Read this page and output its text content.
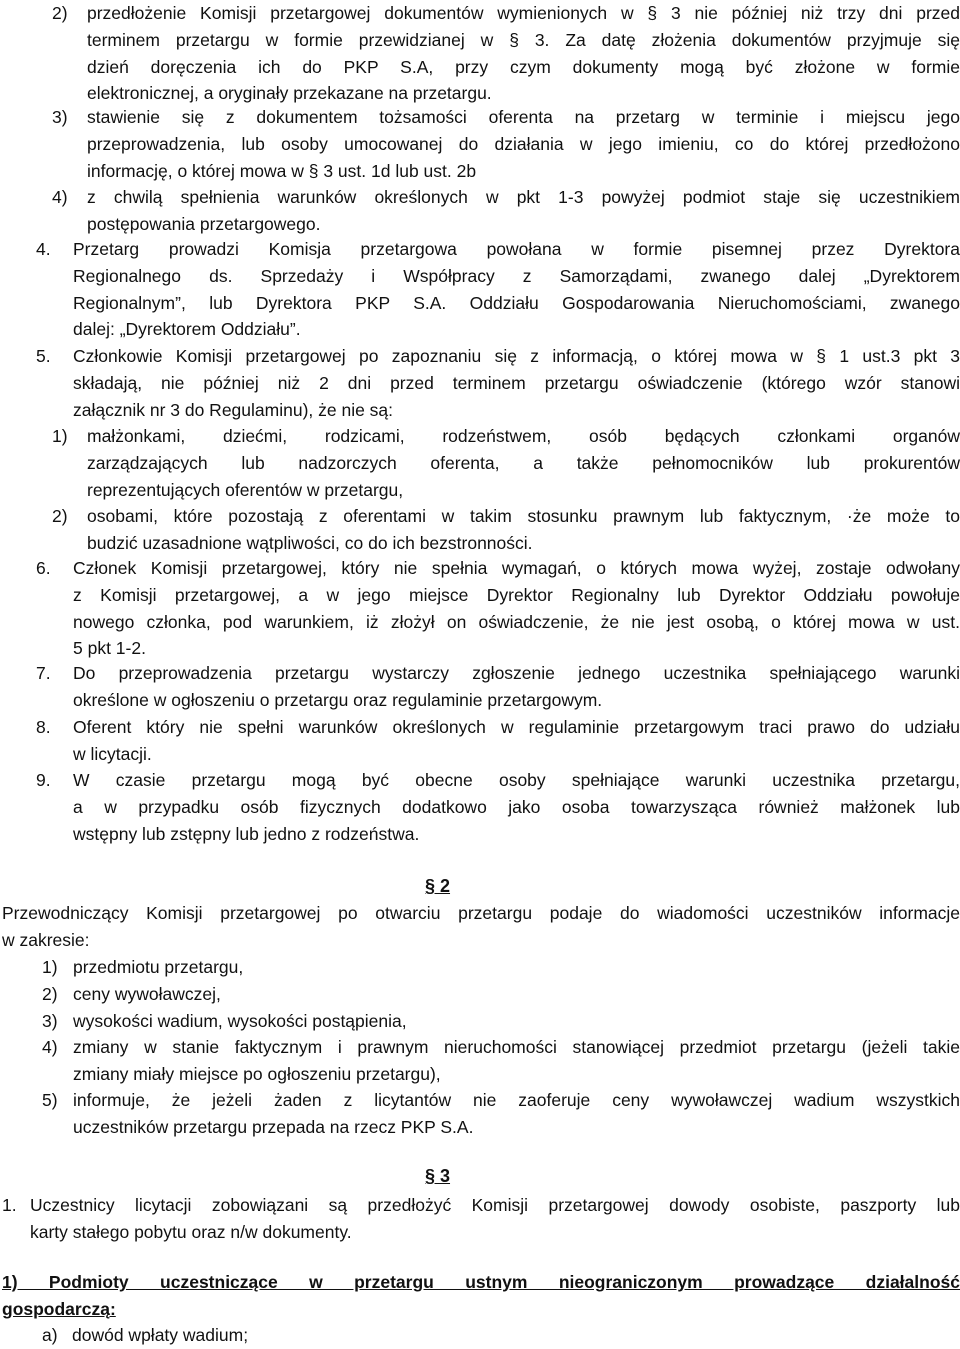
2) przedłożenie Komisji przetargowej dokumentów wymienionych w § 3 nie później niż trzy dni przed
terminem przetargu w formie przewidzianej w § 3. Za datę złożenia dokumentów przyjmuje się
dzień doręczenia ich do PKP S.A, przy czym dokumenty mogą być złożone w formie
elektronicznej, a oryginały przekazane na przetargu.
3) stawienie się z dokumentem tożsamości oferenta na przetarg w terminie i miejscu jego
przeprowadzenia, lub osoby umocowanej do działania w jego imieniu, co do której przedłożono
informację, o której mowa w § 3 ust. 1d lub ust. 2b
4) z chwilą spełnienia warunków określonych w pkt 1-3 powyżej podmiot staje się uczestnikiem
postępowania przetargowego.
4. Przetarg prowadzi Komisja przetargowa powołana w formie pisemnej przez Dyrektora
Regionalnego ds. Sprzedaży i Współpracy z Samorządami, zwanego dalej „Dyrektorem
Regionalnym”, lub Dyrektora PKP S.A. Oddziału Gospodarowania Nieruchomościami, zwanego
dalej: „Dyrektorem Oddziału”.
5. Członkowie Komisji przetargowej po zapoznaniu się z informacją, o której mowa w § 1 ust.3 pkt 3
składają, nie później niż 2 dni przed terminem przetargu oświadczenie (którego wzór stanowi
załącznik nr 3 do Regulaminu), że nie są:
1) małżonkami, dziećmi, rodzicami, rodzeństwem, osób będących członkami organów
zarządzających lub nadzorczych oferenta, a także pełnomocników lub prokurentów
reprezentujących oferentów w przetargu,
2) osobami, które pozostają z oferentami w takim stosunku prawnym lub faktycznym, ·że może to
budzić uzasadnione wątpliwości, co do ich bezstronności.
6. Członek Komisji przetargowej, który nie spełnia wymagań, o których mowa wyżej, zostaje odwołany
z Komisji przetargowej, a w jego miejsce Dyrektor Regionalny lub Dyrektor Oddziału powołuje
nowego członka, pod warunkiem, iż złożył on oświadczenie, że nie jest osobą, o której mowa w ust.
5 pkt 1-2.
7. Do przeprowadzenia przetargu wystarczy zgłoszenie jednego uczestnika spełniającego warunki
określone w ogłoszeniu o przetargu oraz regulaminie przetargowym.
8. Oferent który nie spełni warunków określonych w regulaminie przetargowym traci prawo do udziału
w licytacji.
9. W czasie przetargu mogą być obecne osoby spełniające warunki uczestnika przetargu,
a w przypadku osób fizycznych dodatkowo jako osoba towarzysząca również małżonek lub
wstępny lub zstępny lub jedno z rodzeństwa.
§ 2
Przewodniczący Komisji przetargowej po otwarciu przetargu podaje do wiadomości uczestników informacje
w zakresie:
1) przedmiotu przetargu,
2) ceny wywoławczej,
3) wysokości wadium, wysokości postąpienia,
4) zmiany w stanie faktycznym i prawnym nieruchomości stanowiącej przedmiot przetargu (jeżeli takie
zmiany miały miejsce po ogłoszeniu przetargu),
5) informuje, że jeżeli żaden z licytantów nie zaoferuje ceny wywoławczej wadium wszystkich
uczestników przetargu przepada na rzecz PKP S.A.
§ 3
1. Uczestnicy licytacji zobowiązani są przedłożyć Komisji przetargowej dowody osobiste, paszporty lub
karty stałego pobytu oraz n/w dokumenty.
1) Podmioty uczestniczące w przetargu ustnym nieograniczonym prowadzące działalność
gospodarczą:
a) dowód wpłaty wadium;
